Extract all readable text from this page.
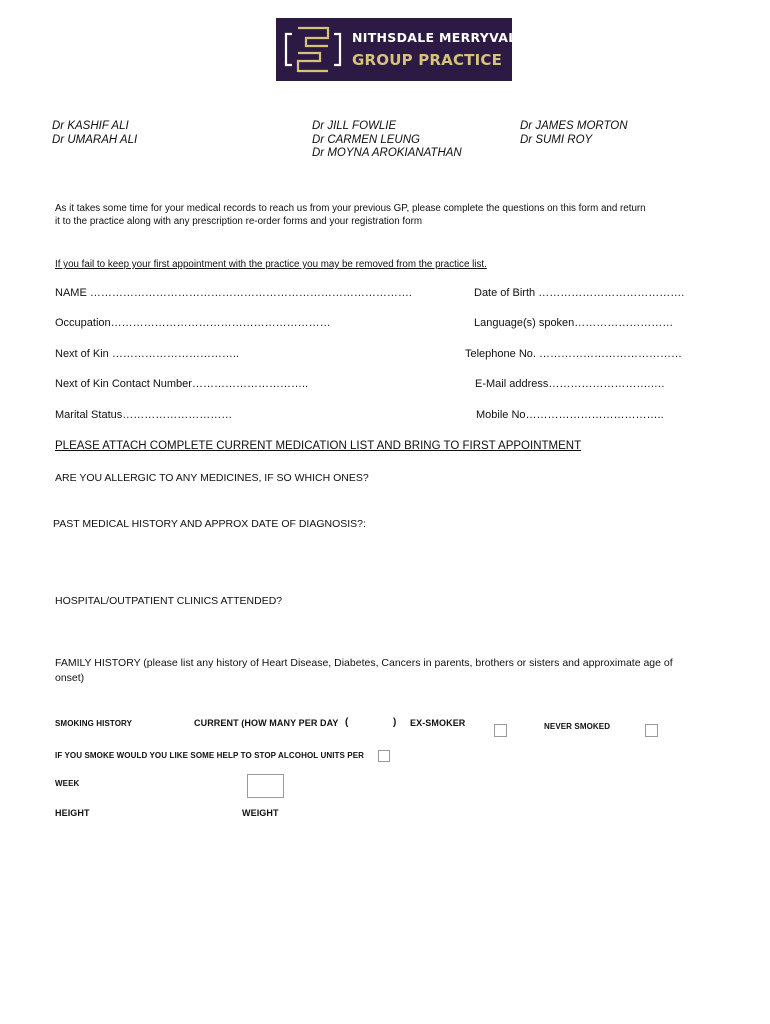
NITHSDALE MERRYVALE
GROUP PRACTICE
Dr KASHIF ALI
Dr UMARAH ALI
Dr JILL FOWLIE
Dr CARMEN LEUNG
Dr MOYNA AROKIANATHAN
Dr JAMES MORTON
Dr SUMI ROY
As it takes some time for your medical records to reach us from your previous GP, please complete the questions on this form and return
it to the practice along with any prescription re-order forms and your registration form
If you fail to keep your first appointment with the practice you may be removed from the practice list.
NAME …………………………………………………………………………….	Date of Birth ………………………………….
Occupation……………………………………………………	Language(s) spoken………………………
Next of Kin ……………………………..	Telephone No. …………………………………
Next of Kin Contact Number…………………………..	E-Mail address……………………….….
Marital Status…………………………	Mobile No………………………………..
PLEASE ATTACH COMPLETE CURRENT MEDICATION LIST AND BRING TO FIRST APPOINTMENT
ARE YOU ALLERGIC TO ANY MEDICINES, IF SO WHICH ONES?
PAST MEDICAL HISTORY AND APPROX DATE OF DIAGNOSIS?:
HOSPITAL/OUTPATIENT CLINICS ATTENDED?
FAMILY HISTORY (please list any history of Heart Disease, Diabetes, Cancers in parents, brothers or sisters and approximate age of
onset)
SMOKING HISTORY	CURRENT (HOW MANY PER DAY (	) EX-SMOKER	NEVER SMOKED
IF YOU SMOKE WOULD YOU LIKE SOME HELP TO STOP ALCOHOL UNITS PER
WEEK
HEIGHT	WEIGHT
